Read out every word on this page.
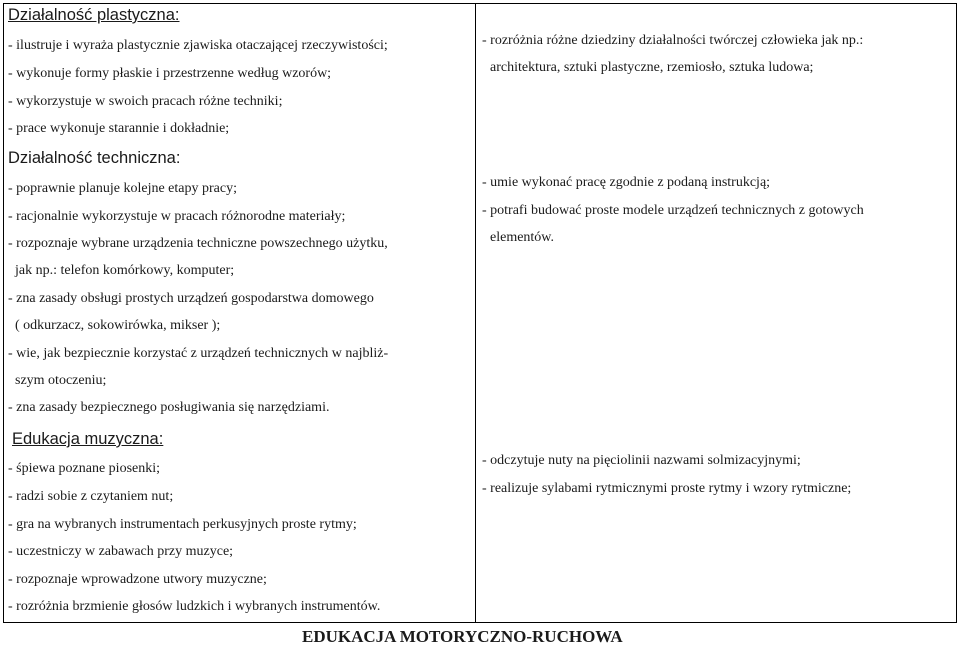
Działalność plastyczna:
- ilustruje i wyraża plastycznie zjawiska otaczającej rzeczywistości;
- wykonuje formy płaskie i przestrzenne według wzorów;
- wykorzystuje w swoich pracach różne techniki;
- prace wykonuje starannie i dokładnie;
- rozróżnia różne dziedziny działalności twórczej człowieka jak np.:
architektura, sztuki plastyczne, rzemiosło, sztuka ludowa;
Działalność techniczna:
- poprawnie planuje kolejne etapy pracy;
- racjonalnie wykorzystuje w pracach różnorodne materiały;
- rozpoznaje wybrane urządzenia techniczne powszechnego użytku,
jak np.: telefon komórkowy, komputer;
- zna zasady obsługi prostych urządzeń gospodarstwa domowego
( odkurzacz, sokowirówka, mikser );
- wie, jak bezpiecznie korzystać z urządzeń technicznych w najbliż-
szym otoczeniu;
- zna zasady bezpiecznego posługiwania się narzędziami.
- umie wykonać pracę zgodnie z podaną instrukcją;
- potrafi budować proste modele urządzeń technicznych z gotowych
elementów.
Edukacja muzyczna:
- śpiewa poznane piosenki;
- radzi sobie z czytaniem nut;
- gra na wybranych instrumentach perkusyjnych proste rytmy;
- uczestniczy w zabawach przy muzyce;
- rozpoznaje wprowadzone utwory muzyczne;
- rozróżnia brzmienie głosów ludzkich i wybranych instrumentów.
- odczytuje nuty na pięciolinii nazwami solmizacyjnymi;
- realizuje sylabami rytmicznymi proste rytmy i wzory rytmiczne;
EDUKACJA MOTORYCZNO-RUCHOWA
